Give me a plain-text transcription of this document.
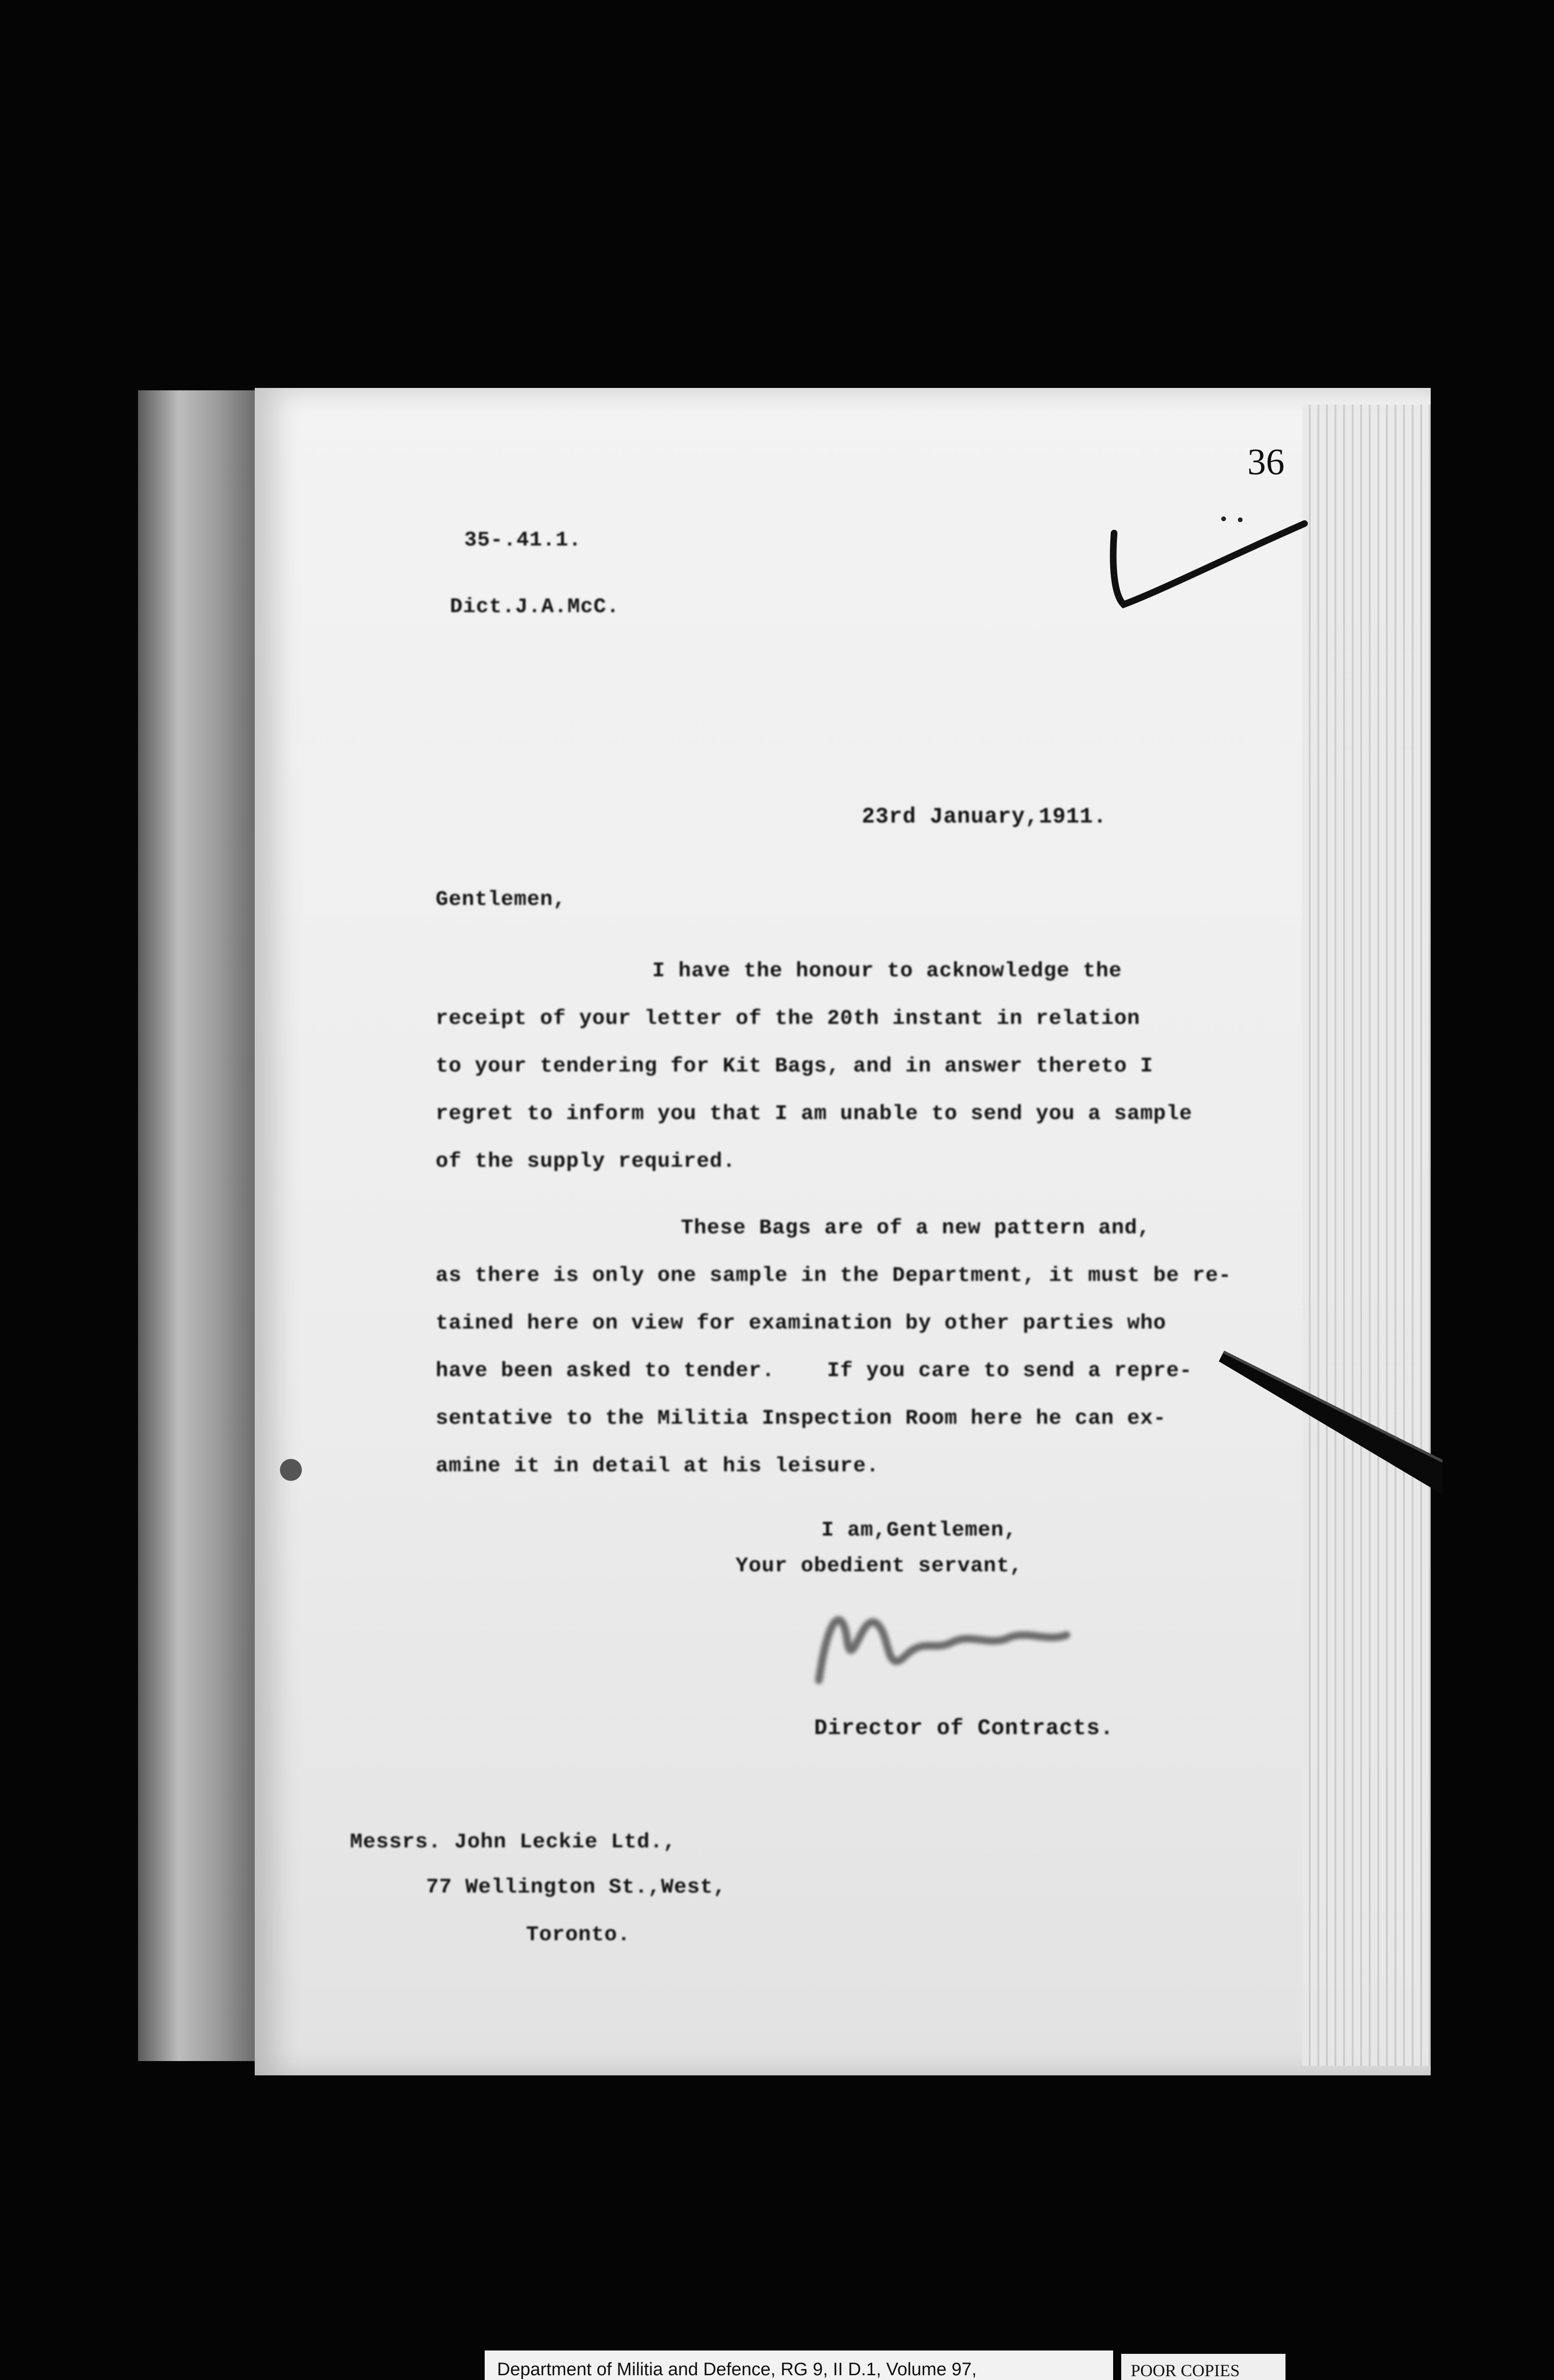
36
35-.41.1.
Dict.J.A.McC.
23rd January,1911.
Gentlemen,
I have the honour to acknowledge the
receipt of your letter of the 20th instant in relation
to your tendering for Kit Bags, and in answer thereto I
regret to inform you that I am unable to send you a sample
of the supply required.
These Bags are of a new pattern and,
as there is only one sample in the Department, it must be re-
tained here on view for examination by other parties who
have been asked to tender.    If you care to send a repre-
sentative to the Militia Inspection Room here he can ex-
amine it in detail at his leisure.
I am,Gentlemen,
Your obedient servant,
Director of Contracts.
Messrs. John Leckie Ltd.,
77 Wellington St.,West,
Toronto.
Department of Militia and Defence, RG 9, II D.1, Volume 97,	POOR COPIES
